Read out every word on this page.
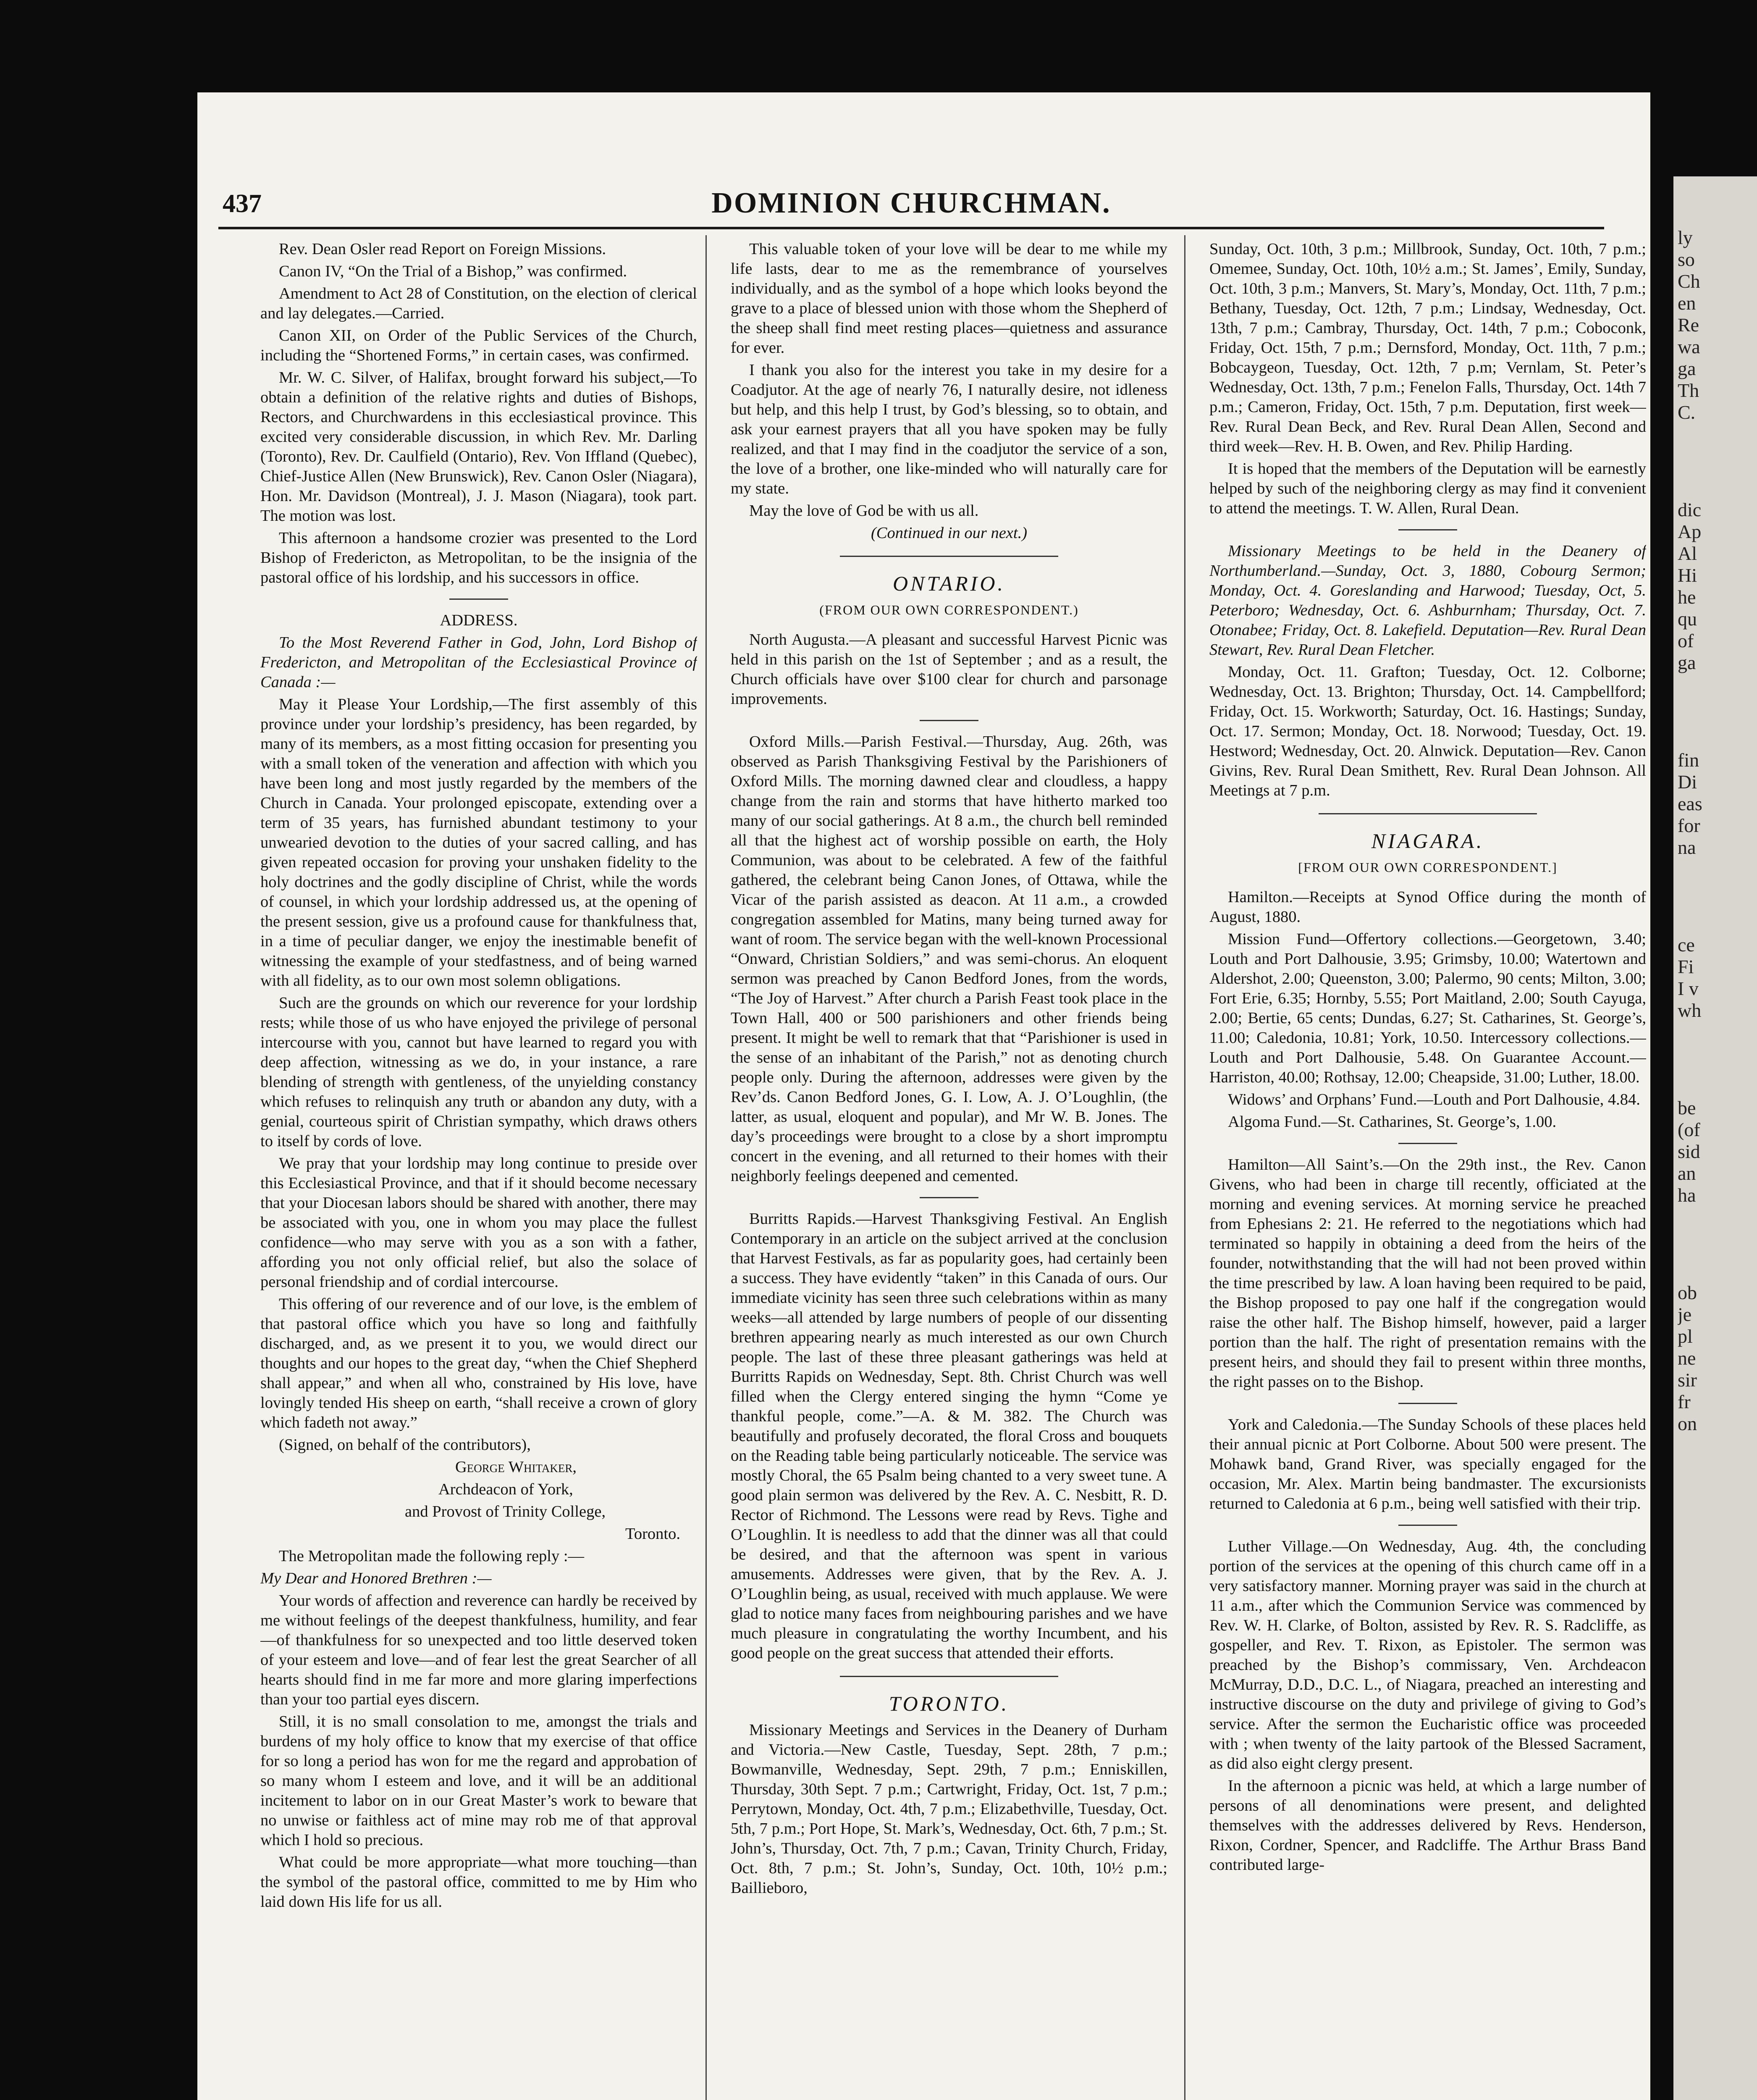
ly
so
Ch
en
Re
wa
ga
Th
C.

dic
Ap
Al
Hi
he
qu
of
ga

fin
Di
eas
for
na

ce
Fi
I v
wh

be
(of
sid
an
ha

ob
je
pl
ne
sir
fr
on
437	DOMINION CHURCHMAN.

Rev. Dean Osler read Report on Foreign Missions.

Canon IV, “On the Trial of a Bishop,” was confirmed.

Amendment to Act 28 of Constitution, on the election of clerical and lay delegates.—Carried.

Canon XII, on Order of the Public Services of the Church, including the “Shortened Forms,” in certain cases, was confirmed.

Mr. W. C. Silver, of Halifax, brought forward his subject,—To obtain a definition of the relative rights and duties of Bishops, Rectors, and Churchwardens in this ecclesiastical province. This excited very considerable discussion, in which Rev. Mr. Darling (Toronto), Rev. Dr. Caulfield (Ontario), Rev. Von Iffland (Quebec), Chief-Justice Allen (New Brunswick), Rev. Canon Osler (Niagara), Hon. Mr. Davidson (Montreal), J. J. Mason (Niagara), took part. The motion was lost.

This afternoon a handsome crozier was presented to the Lord Bishop of Fredericton, as Metropolitan, to be the insignia of the pastoral office of his lordship, and his successors in office.

ADDRESS.

To the Most Reverend Father in God, John, Lord Bishop of Fredericton, and Metropolitan of the Ecclesiastical Province of Canada :—

May it Please Your Lordship,—The first assembly of this province under your lordship’s presidency, has been regarded, by many of its members, as a most fitting occasion for presenting you with a small token of the veneration and affection with which you have been long and most justly regarded by the members of the Church in Canada. Your prolonged episcopate, extending over a term of 35 years, has furnished abundant testimony to your unwearied devotion to the duties of your sacred calling, and has given repeated occasion for proving your unshaken fidelity to the holy doctrines and the godly discipline of Christ, while the words of counsel, in which your lordship addressed us, at the opening of the present session, give us a profound cause for thankfulness that, in a time of peculiar danger, we enjoy the inestimable benefit of witnessing the example of your stedfastness, and of being warned with all fidelity, as to our own most solemn obligations.

Such are the grounds on which our reverence for your lordship rests; while those of us who have enjoyed the privilege of personal intercourse with you, cannot but have learned to regard you with deep affection, witnessing as we do, in your instance, a rare blending of strength with gentleness, of the unyielding constancy which refuses to relinquish any truth or abandon any duty, with a genial, courteous spirit of Christian sympathy, which draws others to itself by cords of love.

We pray that your lordship may long continue to preside over this Ecclesiastical Province, and that if it should become necessary that your Diocesan labors should be shared with another, there may be associated with you, one in whom you may place the fullest confidence—who may serve with you as a son with a father, affording you not only official relief, but also the solace of personal friendship and of cordial intercourse.

This offering of our reverence and of our love, is the emblem of that pastoral office which you have so long and faithfully discharged, and, as we present it to you, we would direct our thoughts and our hopes to the great day, “when the Chief Shepherd shall appear,” and when all who, constrained by His love, have lovingly tended His sheep on earth, “shall receive a crown of glory which fadeth not away.”

(Signed, on behalf of the contributors),

George Whitaker,

Archdeacon of York,

and Provost of Trinity College,

Toronto.

The Metropolitan made the following reply :—

My Dear and Honored Brethren :—

Your words of affection and reverence can hardly be received by me without feelings of the deepest thankfulness, humility, and fear—of thankfulness for so unexpected and too little deserved token of your esteem and love—and of fear lest the great Searcher of all hearts should find in me far more and more glaring imperfections than your too partial eyes discern.

Still, it is no small consolation to me, amongst the trials and burdens of my holy office to know that my exercise of that office for so long a period has won for me the regard and approbation of so many whom I esteem and love, and it will be an additional incitement to labor on in our Great Master’s work to beware that no unwise or faithless act of mine may rob me of that approval which I hold so precious.

What could be more appropriate—what more touching—than the symbol of the pastoral office, committed to me by Him who laid down His life for us all.

This valuable token of your love will be dear to me while my life lasts, dear to me as the remembrance of yourselves individually, and as the symbol of a hope which looks beyond the grave to a place of blessed union with those whom the Shepherd of the sheep shall find meet resting places—quietness and assurance for ever.

I thank you also for the interest you take in my desire for a Coadjutor. At the age of nearly 76, I naturally desire, not idleness but help, and this help I trust, by God’s blessing, so to obtain, and ask your earnest prayers that all you have spoken may be fully realized, and that I may find in the coadjutor the service of a son, the love of a brother, one like-minded who will naturally care for my state.

May the love of God be with us all.

(Continued in our next.)

ONTARIO.

(FROM OUR OWN CORRESPONDENT.)

North Augusta.—A pleasant and successful Harvest Picnic was held in this parish on the 1st of September ; and as a result, the Church officials have over $100 clear for church and parsonage improvements.

Oxford Mills.—Parish Festival.—Thursday, Aug. 26th, was observed as Parish Thanksgiving Festival by the Parishioners of Oxford Mills. The morning dawned clear and cloudless, a happy change from the rain and storms that have hitherto marked too many of our social gatherings. At 8 a.m., the church bell reminded all that the highest act of worship possible on earth, the Holy Communion, was about to be celebrated. A few of the faithful gathered, the celebrant being Canon Jones, of Ottawa, while the Vicar of the parish assisted as deacon. At 11 a.m., a crowded congregation assembled for Matins, many being turned away for want of room. The service began with the well-known Processional “Onward, Christian Soldiers,” and was semi-chorus. An eloquent sermon was preached by Canon Bedford Jones, from the words, “The Joy of Harvest.” After church a Parish Feast took place in the Town Hall, 400 or 500 parishioners and other friends being present. It might be well to remark that that “Parishioner is used in the sense of an inhabitant of the Parish,” not as denoting church people only. During the afternoon, addresses were given by the Rev’ds. Canon Bedford Jones, G. I. Low, A. J. O’Loughlin, (the latter, as usual, eloquent and popular), and Mr W. B. Jones. The day’s proceedings were brought to a close by a short impromptu concert in the evening, and all returned to their homes with their neighborly feelings deepened and cemented.

Burritts Rapids.—Harvest Thanksgiving Festival. An English Contemporary in an article on the subject arrived at the conclusion that Harvest Festivals, as far as popularity goes, had certainly been a success. They have evidently “taken” in this Canada of ours. Our immediate vicinity has seen three such celebrations within as many weeks—all attended by large numbers of people of our dissenting brethren appearing nearly as much interested as our own Church people. The last of these three pleasant gatherings was held at Burritts Rapids on Wednesday, Sept. 8th. Christ Church was well filled when the Clergy entered singing the hymn “Come ye thankful people, come.”—A. & M. 382. The Church was beautifully and profusely decorated, the floral Cross and bouquets on the Reading table being particularly noticeable. The service was mostly Choral, the 65 Psalm being chanted to a very sweet tune. A good plain sermon was delivered by the Rev. A. C. Nesbitt, R. D. Rector of Richmond. The Lessons were read by Revs. Tighe and O’Loughlin. It is needless to add that the dinner was all that could be desired, and that the afternoon was spent in various amusements. Addresses were given, that by the Rev. A. J. O’Loughlin being, as usual, received with much applause. We were glad to notice many faces from neighbouring parishes and we have much pleasure in congratulating the worthy Incumbent, and his good people on the great success that attended their efforts.

TORONTO.

Missionary Meetings and Services in the Deanery of Durham and Victoria.—New Castle, Tuesday, Sept. 28th, 7 p.m.; Bowmanville, Wednesday, Sept. 29th, 7 p.m.; Enniskillen, Thursday, 30th Sept. 7 p.m.; Cartwright, Friday, Oct. 1st, 7 p.m.; Perrytown, Monday, Oct. 4th, 7 p.m.; Elizabethville, Tuesday, Oct. 5th, 7 p.m.; Port Hope, St. Mark’s, Wednesday, Oct. 6th, 7 p.m.; St. John’s, Thursday, Oct. 7th, 7 p.m.; Cavan, Trinity Church, Friday, Oct. 8th, 7 p.m.; St. John’s, Sunday, Oct. 10th, 10½ p.m.; Baillieboro,

Sunday, Oct. 10th, 3 p.m.; Millbrook, Sunday, Oct. 10th, 7 p.m.; Omemee, Sunday, Oct. 10th, 10½ a.m.; St. James’, Emily, Sunday, Oct. 10th, 3 p.m.; Manvers, St. Mary’s, Monday, Oct. 11th, 7 p.m.; Bethany, Tuesday, Oct. 12th, 7 p.m.; Lindsay, Wednesday, Oct. 13th, 7 p.m.; Cambray, Thursday, Oct. 14th, 7 p.m.; Coboconk, Friday, Oct. 15th, 7 p.m.; Dernsford, Monday, Oct. 11th, 7 p.m.; Bobcaygeon, Tuesday, Oct. 12th, 7 p.m; Vernlam, St. Peter’s Wednesday, Oct. 13th, 7 p.m.; Fenelon Falls, Thursday, Oct. 14th 7 p.m.; Cameron, Friday, Oct. 15th, 7 p.m. Deputation, first week—Rev. Rural Dean Beck, and Rev. Rural Dean Allen, Second and third week—Rev. H. B. Owen, and Rev. Philip Harding.

It is hoped that the members of the Deputation will be earnestly helped by such of the neighboring clergy as may find it convenient to attend the meetings. T. W. Allen, Rural Dean.

Missionary Meetings to be held in the Deanery of Northumberland.—Sunday, Oct. 3, 1880, Cobourg Sermon; Monday, Oct. 4. Goreslanding and Harwood; Tuesday, Oct, 5. Peterboro; Wednesday, Oct. 6. Ashburnham; Thursday, Oct. 7. Otonabee; Friday, Oct. 8. Lakefield. Deputation—Rev. Rural Dean Stewart, Rev. Rural Dean Fletcher.

Monday, Oct. 11. Grafton; Tuesday, Oct. 12. Colborne; Wednesday, Oct. 13. Brighton; Thursday, Oct. 14. Campbellford; Friday, Oct. 15. Workworth; Saturday, Oct. 16. Hastings; Sunday, Oct. 17. Sermon; Monday, Oct. 18. Norwood; Tuesday, Oct. 19. Hestword; Wednesday, Oct. 20. Alnwick. Deputation—Rev. Canon Givins, Rev. Rural Dean Smithett, Rev. Rural Dean Johnson. All Meetings at 7 p.m.

NIAGARA.

[FROM OUR OWN CORRESPONDENT.]

Hamilton.—Receipts at Synod Office during the month of August, 1880.

Mission Fund—Offertory collections.—Georgetown, 3.40; Louth and Port Dalhousie, 3.95; Grimsby, 10.00; Watertown and Aldershot, 2.00; Queenston, 3.00; Palermo, 90 cents; Milton, 3.00; Fort Erie, 6.35; Hornby, 5.55; Port Maitland, 2.00; South Cayuga, 2.00; Bertie, 65 cents; Dundas, 6.27; St. Catharines, St. George’s, 11.00; Caledonia, 10.81; York, 10.50. Intercessory collections.—Louth and Port Dalhousie, 5.48. On Guarantee Account.—Harriston, 40.00; Rothsay, 12.00; Cheapside, 31.00; Luther, 18.00.

Widows’ and Orphans’ Fund.—Louth and Port Dalhousie, 4.84.

Algoma Fund.—St. Catharines, St. George’s, 1.00.

Hamilton—All Saint’s.—On the 29th inst., the Rev. Canon Givens, who had been in charge till recently, officiated at the morning and evening services. At morning service he preached from Ephesians 2: 21. He referred to the negotiations which had terminated so happily in obtaining a deed from the heirs of the founder, notwithstanding that the will had not been proved within the time prescribed by law. A loan having been required to be paid, the Bishop proposed to pay one half if the congregation would raise the other half. The Bishop himself, however, paid a larger portion than the half. The right of presentation remains with the present heirs, and should they fail to present within three months, the right passes on to the Bishop.

York and Caledonia.—The Sunday Schools of these places held their annual picnic at Port Colborne. About 500 were present. The Mohawk band, Grand River, was specially engaged for the occasion, Mr. Alex. Martin being bandmaster. The excursionists returned to Caledonia at 6 p.m., being well satisfied with their trip.

Luther Village.—On Wednesday, Aug. 4th, the concluding portion of the services at the opening of this church came off in a very satisfactory manner. Morning prayer was said in the church at 11 a.m., after which the Communion Service was commenced by Rev. W. H. Clarke, of Bolton, assisted by Rev. R. S. Radcliffe, as gospeller, and Rev. T. Rixon, as Epistoler. The sermon was preached by the Bishop’s commissary, Ven. Archdeacon McMurray, D.D., D.C. L., of Niagara, preached an interesting and instructive discourse on the duty and privilege of giving to God’s service. After the sermon the Eucharistic office was proceeded with ; when twenty of the laity partook of the Blessed Sacrament, as did also eight clergy present.

In the afternoon a picnic was held, at which a large number of persons of all denominations were present, and delighted themselves with the addresses delivered by Revs. Henderson, Rixon, Cordner, Spencer, and Radcliffe. The Arthur Brass Band contributed large-
